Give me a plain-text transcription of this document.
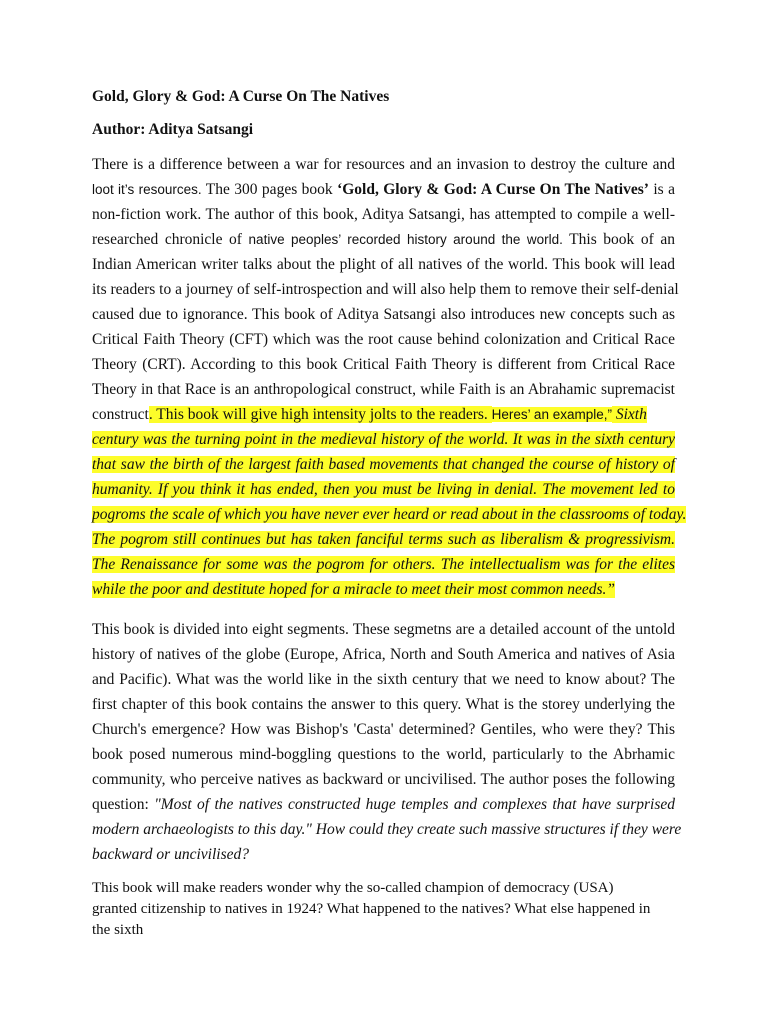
Gold, Glory & God: A Curse On The Natives
Author: Aditya Satsangi
There is a difference between a war for resources and an invasion to destroy the culture and
loot it’s resources. The 300 pages book ‘Gold, Glory & God: A Curse On The Natives’ is a
non-fiction work. The author of this book, Aditya Satsangi, has attempted to compile a well-
researched chronicle of native peoples’ recorded history around the world. This book of an
Indian American writer talks about the plight of all natives of the world. This book will lead
its readers to a journey of self-introspection and will also help them to remove their self-denial
caused due to ignorance. This book of Aditya Satsangi also introduces new concepts such as
Critical Faith Theory (CFT) which was the root cause behind colonization and Critical Race
Theory (CRT). According to this book Critical Faith Theory is different from Critical Race
Theory in that Race is an anthropological construct, while Faith is an Abrahamic supremacist
construct. This book will give high intensity jolts to the readers. Heres’ an example,” Sixth
century was the turning point in the medieval history of the world. It was in the sixth century
that saw the birth of the largest faith based movements that changed the course of history of
humanity. If you think it has ended, then you must be living in denial. The movement led to
pogroms the scale of which you have never ever heard or read about in the classrooms of today.
The pogrom still continues but has taken fanciful terms such as liberalism & progressivism.
The Renaissance for some was the pogrom for others. The intellectualism was for the elites
while the poor and destitute hoped for a miracle to meet their most common needs.”
This book is divided into eight segments. These segmetns are a detailed account of the untold
history of natives of the globe (Europe, Africa, North and South America and natives of Asia
and Pacific). What was the world like in the sixth century that we need to know about? The
first chapter of this book contains the answer to this query. What is the storey underlying the
Church's emergence? How was Bishop's 'Casta' determined? Gentiles, who were they? This
book posed numerous mind-boggling questions to the world, particularly to the Abrhamic
community, who perceive natives as backward or uncivilised. The author poses the following
question: "Most of the natives constructed huge temples and complexes that have surprised
modern archaeologists to this day." How could they create such massive structures if they were
backward or uncivilised?
This book will make readers wonder why the so-called champion of democracy (USA)
granted citizenship to natives in 1924? What happened to the natives? What else happened in
the sixth
